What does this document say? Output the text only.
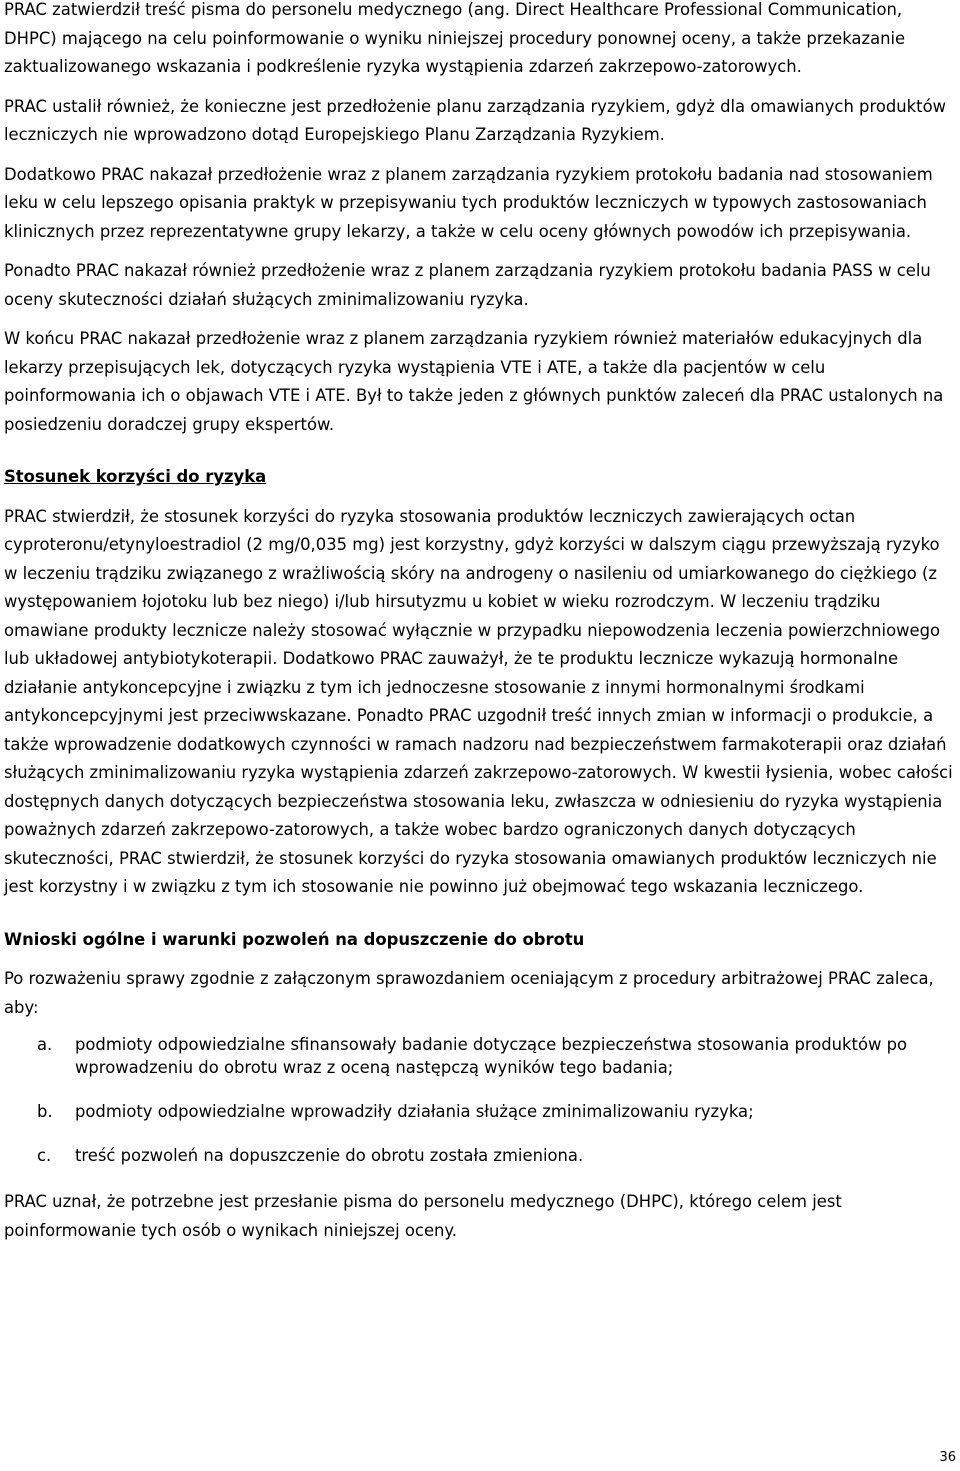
PRAC zatwierdził treść pisma do personelu medycznego (ang. Direct Healthcare Professional Communication, DHPC) mającego na celu poinformowanie o wyniku niniejszej procedury ponownej oceny, a także przekazanie zaktualizowanego wskazania i podkreślenie ryzyka wystąpienia zdarzeń zakrzepowo-zatorowych.

PRAC ustalił również, że konieczne jest przedłożenie planu zarządzania ryzykiem, gdyż dla omawianych produktów leczniczych nie wprowadzono dotąd Europejskiego Planu Zarządzania Ryzykiem.

Dodatkowo PRAC nakazał przedłożenie wraz z planem zarządzania ryzykiem protokołu badania nad stosowaniem leku w celu lepszego opisania praktyk w przepisywaniu tych produktów leczniczych w typowych zastosowaniach klinicznych przez reprezentatywne grupy lekarzy, a także w celu oceny głównych powodów ich przepisywania.

Ponadto PRAC nakazał również przedłożenie wraz z planem zarządzania ryzykiem protokołu badania PASS w celu oceny skuteczności działań służących zminimalizowaniu ryzyka.

W końcu PRAC nakazał przedłożenie wraz z planem zarządzania ryzykiem również materiałów edukacyjnych dla lekarzy przepisujących lek, dotyczących ryzyka wystąpienia VTE i ATE, a także dla pacjentów w celu poinformowania ich o objawach VTE i ATE. Był to także jeden z głównych punktów zaleceń dla PRAC ustalonych na posiedzeniu doradczej grupy ekspertów.

Stosunek korzyści do ryzyka

PRAC stwierdził, że stosunek korzyści do ryzyka stosowania produktów leczniczych zawierających octan cyproteronu/etynyloestradiol (2 mg/0,035 mg) jest korzystny, gdyż korzyści w dalszym ciągu przewyższają ryzyko w leczeniu trądziku związanego z wrażliwością skóry na androgeny o nasileniu od umiarkowanego do ciężkiego (z występowaniem łojotoku lub bez niego) i/lub hirsutyzmu u kobiet w wieku rozrodczym. W leczeniu trądziku omawiane produkty lecznicze należy stosować wyłącznie w przypadku niepowodzenia leczenia powierzchniowego lub układowej antybiotykoterapii. Dodatkowo PRAC zauważył, że te produktu lecznicze wykazują hormonalne działanie antykoncepcyjne i związku z tym ich jednoczesne stosowanie z innymi hormonalnymi środkami antykoncepcyjnymi jest przeciwwskazane. Ponadto PRAC uzgodnił treść innych zmian w informacji o produkcie, a także wprowadzenie dodatkowych czynności w ramach nadzoru nad bezpieczeństwem farmakoterapii oraz działań służących zminimalizowaniu ryzyka wystąpienia zdarzeń zakrzepowo-zatorowych. W kwestii łysienia, wobec całości dostępnych danych dotyczących bezpieczeństwa stosowania leku, zwłaszcza w odniesieniu do ryzyka wystąpienia poważnych zdarzeń zakrzepowo-zatorowych, a także wobec bardzo ograniczonych danych dotyczących skuteczności, PRAC stwierdził, że stosunek korzyści do ryzyka stosowania omawianych produktów leczniczych nie jest korzystny i w związku z tym ich stosowanie nie powinno już obejmować tego wskazania leczniczego.

Wnioski ogólne i warunki pozwoleń na dopuszczenie do obrotu

Po rozważeniu sprawy zgodnie z załączonym sprawozdaniem oceniającym z procedury arbitrażowej PRAC zaleca, aby:

a. podmioty odpowiedzialne sfinansowały badanie dotyczące bezpieczeństwa stosowania produktów po wprowadzeniu do obrotu wraz z oceną następczą wyników tego badania;
b. podmioty odpowiedzialne wprowadziły działania służące zminimalizowaniu ryzyka;
c. treść pozwoleń na dopuszczenie do obrotu została zmieniona.

PRAC uznał, że potrzebne jest przesłanie pisma do personelu medycznego (DHPC), którego celem jest poinformowanie tych osób o wynikach niniejszej oceny.

36
